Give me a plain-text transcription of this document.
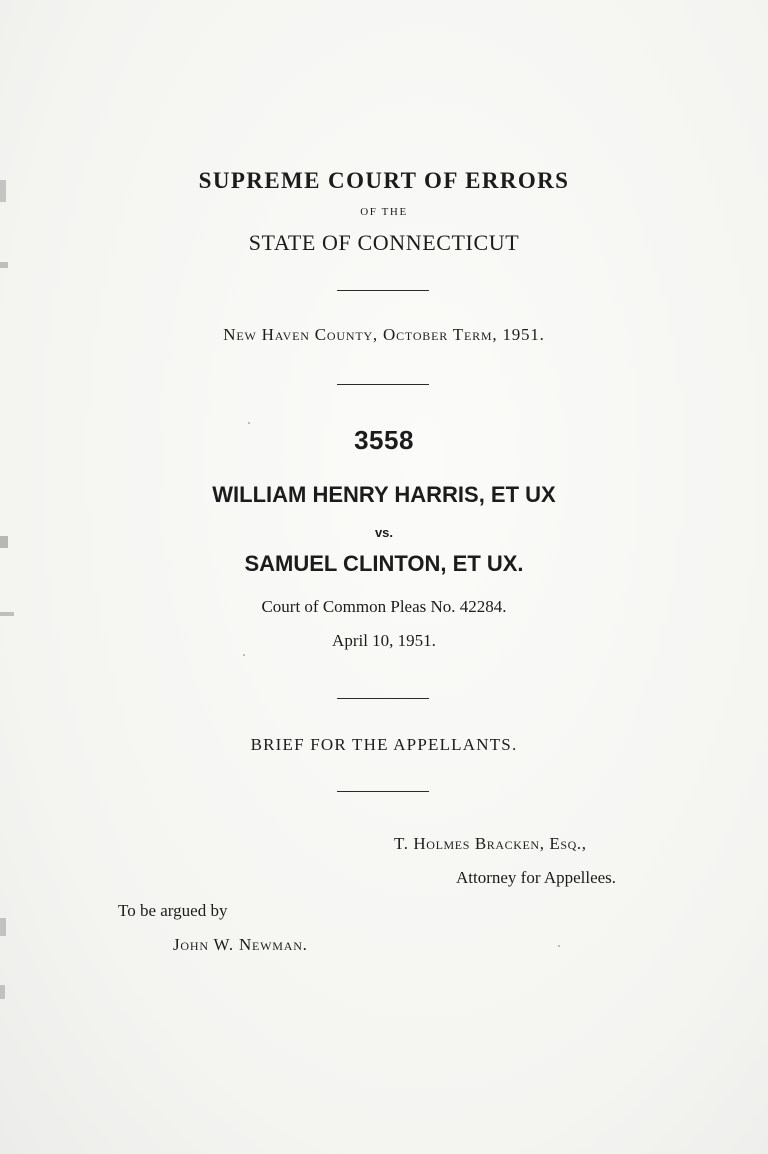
SUPREME COURT OF ERRORS
OF THE
STATE OF CONNECTICUT
New Haven County, October Term, 1951.
3558
WILLIAM HENRY HARRIS, ET UX
vs.
SAMUEL CLINTON, ET UX.
Court of Common Pleas No. 42284.
April 10, 1951.
BRIEF FOR THE APPELLANTS.
T. Holmes Bracken, Esq.,
Attorney for Appellees.
To be argued by
John W. Newman.
